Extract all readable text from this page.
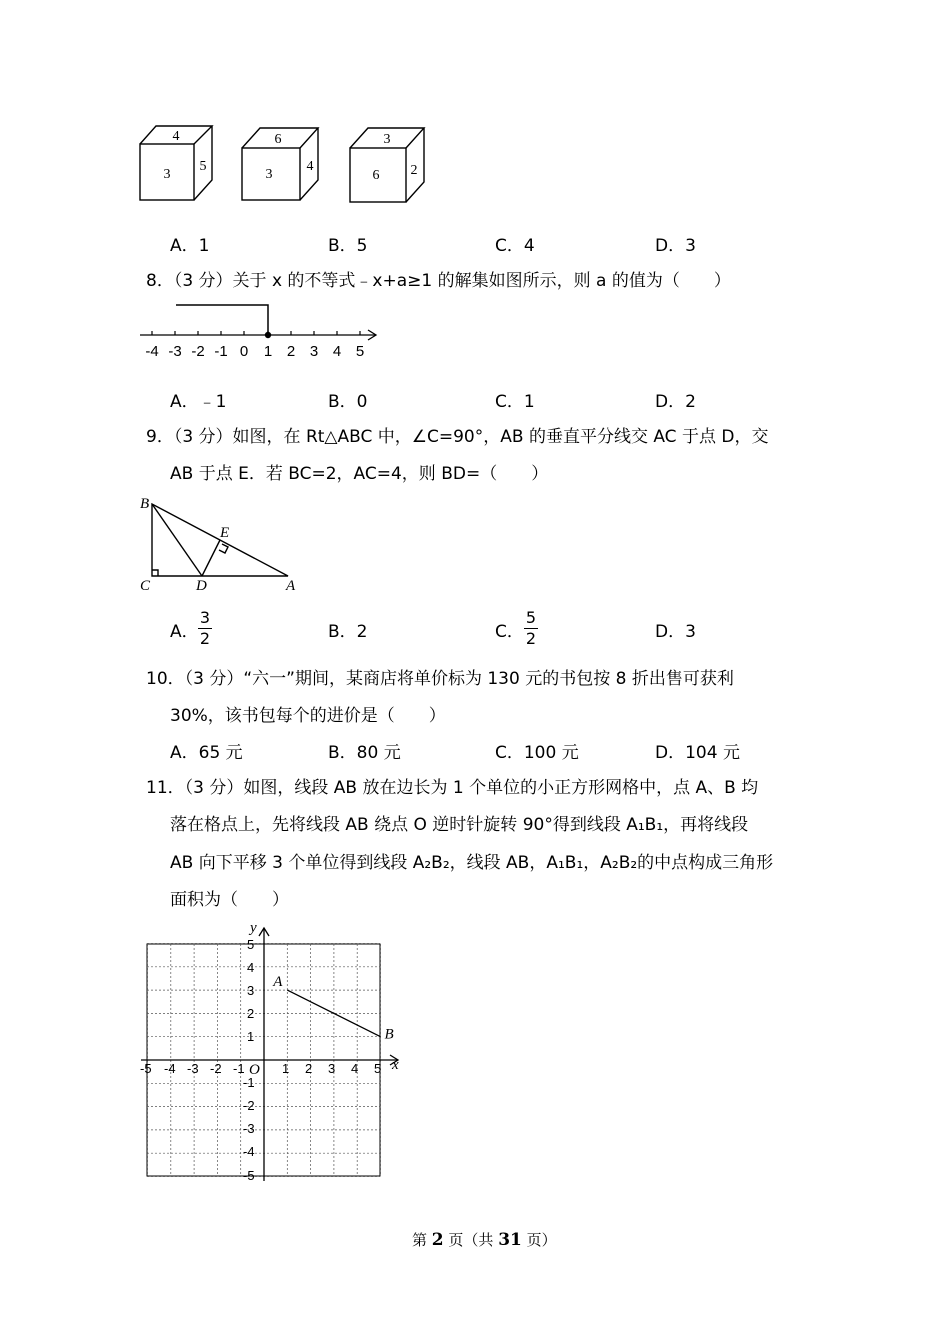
4
3
5
6
3
4
3
6 2
A．1	B．5	C．4	D．3
8．（3 分）关于 x 的不等式﹣x+a≥1 的解集如图所示，则 a 的值为（　　）
-4 -3 -2 -1 0 1 2 3 4 5
A．﹣1	B．0	C．1	D．2
9．（3 分）如图，在 Rt△ABC 中，∠C=90°，AB 的垂直平分线交 AC 于点 D，交
AB 于点 E．若 BC=2，AC=4，则 BD=（　　）
B
E
C	D	A
A．
3
2	B．2	C．
5
2	D．3
10．（3 分）“六一”期间，某商店将单价标为 130 元的书包按 8 折出售可获利
30%，该书包每个的进价是（　　）
A．65 元	B．80 元	C．100 元	D．104 元
11．（3 分）如图，线段 AB 放在边长为 1 个单位的小正方形网格中，点 A、B 均
落在格点上，先将线段 AB 绕点 O 逆时针旋转 90°得到线段 A₁B₁，再将线段
AB 向下平移 3 个单位得到线段 A₂B₂，线段 AB，A₁B₁，A₂B₂的中点构成三角形
面积为（　　）
-5 -4 -3 -2 -1	1 2 3 4 5
5
4
3
2
1
-1
-2
-3
-4
-5
O	x
y
A
B
第 2 页（共 31 页）
